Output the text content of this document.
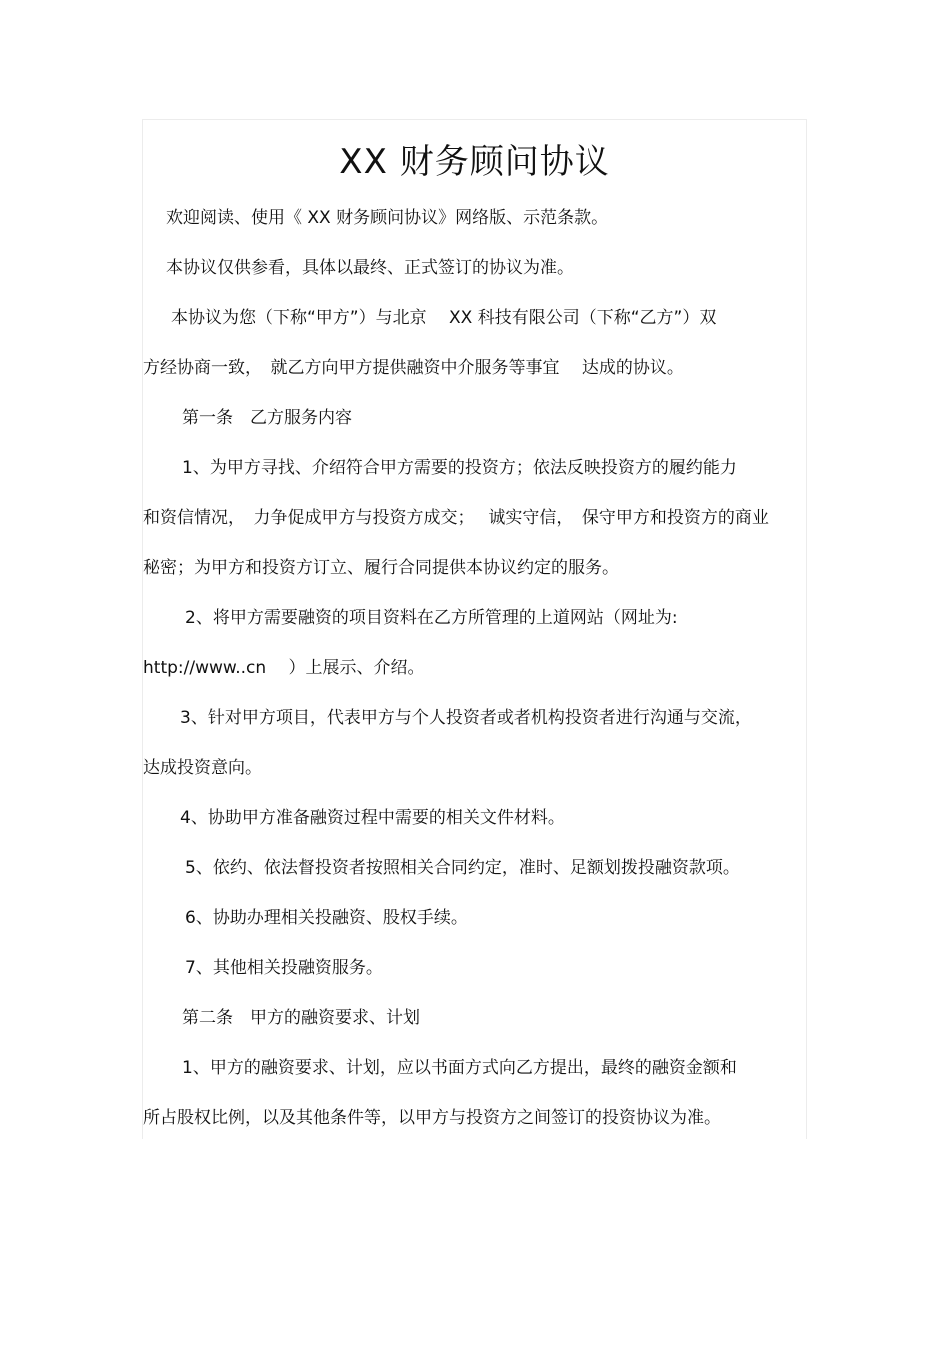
XX 财务顾问协议
欢迎阅读、使用《 XX 财务顾问协议》网络版、示范条款。
本协议仅供参看，具体以最终、正式签订的协议为准。
本协议为您（下称“甲方”）与北京　 XX 科技有限公司（下称“乙方”）双
方经协商一致，　就乙方向甲方提供融资中介服务等事宜　 达成的协议。
第一条　乙方服务内容
1、为甲方寻找、介绍符合甲方需要的投资方；依法反映投资方的履约能力
和资信情况，　力争促成甲方与投资方成交；　 诚实守信，　保守甲方和投资方的商业
秘密；为甲方和投资方订立、履行合同提供本协议约定的服务。
2、将甲方需要融资的项目资料在乙方所管理的上道网站（网址为:
http://www..cn　 ）上展示、介绍。
3、针对甲方项目，代表甲方与个人投资者或者机构投资者进行沟通与交流，
达成投资意向。
4、协助甲方准备融资过程中需要的相关文件材料。
5、依约、依法督投资者按照相关合同约定，准时、足额划拨投融资款项。
6、协助办理相关投融资、股权手续。
7、其他相关投融资服务。
第二条　甲方的融资要求、计划
1、甲方的融资要求、计划，应以书面方式向乙方提出，最终的融资金额和
所占股权比例，以及其他条件等，以甲方与投资方之间签订的投资协议为准。
